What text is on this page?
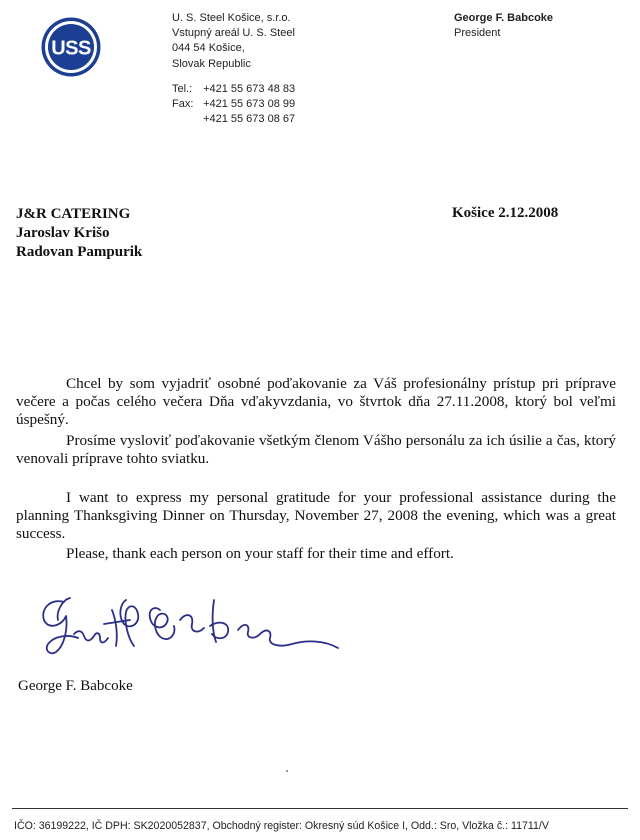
USS
U. S. Steel Košice, s.r.o.
Vstupný areál U. S. Steel
044 54 Košice,
Slovak Republic
Tel.: +421 55 673 48 83
Fax: +421 55 673 08 99
+421 55 673 08 67
George F. Babcoke
President
J&R CATERING
Jaroslav Krišo
Radovan Pampurik
Košice 2.12.2008
Chcel by som vyjadriť osobné poďakovanie za Váš profesionálny prístup pri príprave večere a počas celého večera Dňa vďakyvzdania, vo štvrtok dňa 27.11.2008, ktorý bol veľmi úspešný.
Prosíme vysloviť poďakovanie všetkým členom Vášho personálu za ich úsilie a čas, ktorý venovali príprave tohto sviatku.
I want to express my personal gratitude for your professional assistance during the planning Thanksgiving Dinner on Thursday, November 27, 2008 the evening, which was a great success.
Please, thank each person on your staff for their time and effort.
George F. Babcoke
IČO: 36199222, IČ DPH: SK2020052837, Obchodný register: Okresný súd Košice I, Odd.: Sro, Vložka č.: 11711/V
